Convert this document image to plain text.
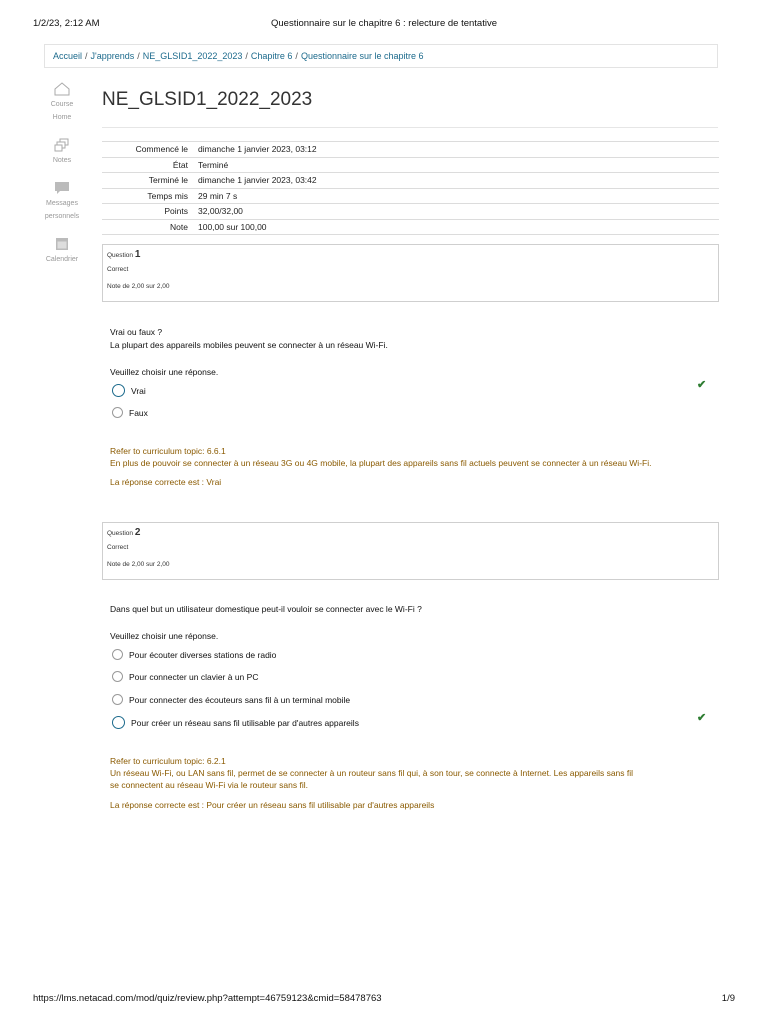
1/2/23, 2:12 AM	Questionnaire sur le chapitre 6 : relecture de tentative
Accueil / J'apprends / NE_GLSID1_2022_2023 / Chapitre 6 / Questionnaire sur le chapitre 6
Course
Home
Notes
Messages
personnels
Calendrier
NE_GLSID1_2022_2023
Commencé le	dimanche 1 janvier 2023, 03:12
État	Terminé
Terminé le	dimanche 1 janvier 2023, 03:42
Temps mis	29 min 7 s
Points	32,00/32,00
Note	100,00 sur 100,00
Question 1
Correct
Note de 2,00 sur 2,00
Vrai ou faux ?
La plupart des appareils mobiles peuvent se connecter à un réseau Wi-Fi.
Veuillez choisir une réponse.
Vrai
Faux
✔
Refer to curriculum topic: 6.6.1
En plus de pouvoir se connecter à un réseau 3G ou 4G mobile, la plupart des appareils sans fil actuels peuvent se connecter à un réseau Wi-Fi.
La réponse correcte est : Vrai
Question 2
Correct
Note de 2,00 sur 2,00
Dans quel but un utilisateur domestique peut-il vouloir se connecter avec le Wi-Fi ?
Veuillez choisir une réponse.
Pour écouter diverses stations de radio
Pour connecter un clavier à un PC
Pour connecter des écouteurs sans fil à un terminal mobile
Pour créer un réseau sans fil utilisable par d'autres appareils	✔
Refer to curriculum topic: 6.2.1
Un réseau Wi-Fi, ou LAN sans fil, permet de se connecter à un routeur sans fil qui, à son tour, se connecte à Internet. Les appareils sans fil
se connectent au réseau Wi-Fi via le routeur sans fil.
La réponse correcte est : Pour créer un réseau sans fil utilisable par d'autres appareils
https://lms.netacad.com/mod/quiz/review.php?attempt=46759123&cmid=58478763	1/9
